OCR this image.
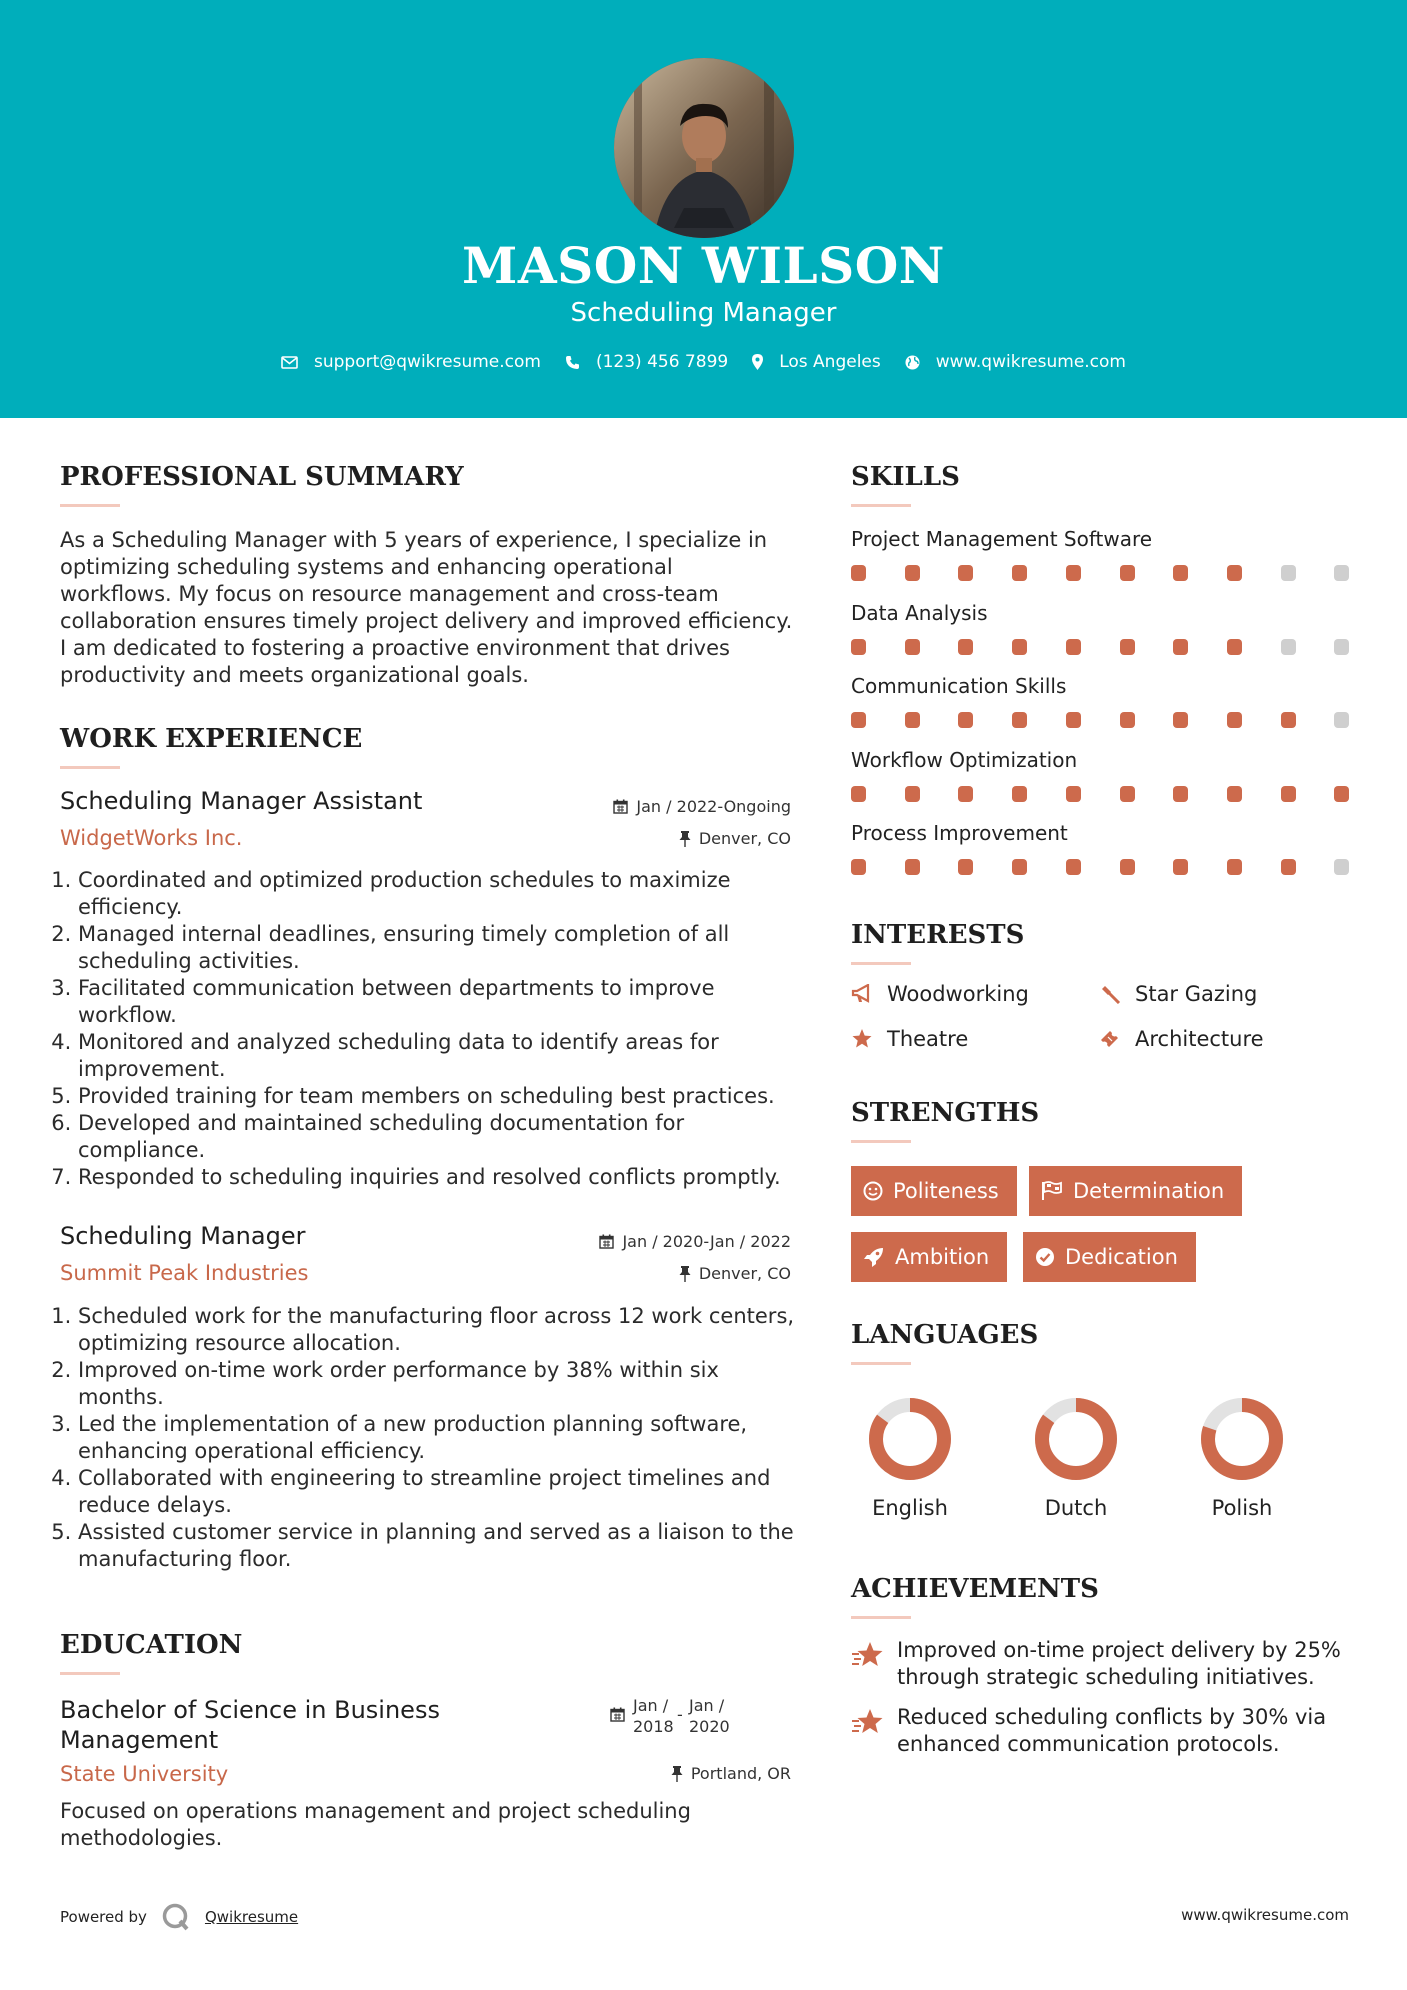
MASON WILSON
Scheduling Manager
support@qwikresume.com	(123) 456 7899	Los Angeles	www.qwikresume.com
PROFESSIONAL SUMMARY
As a Scheduling Manager with 5 years of experience, I specialize in
optimizing scheduling systems and enhancing operational
workflows. My focus on resource management and cross-team
collaboration ensures timely project delivery and improved efficiency.
I am dedicated to fostering a proactive environment that drives
productivity and meets organizational goals.
WORK EXPERIENCE
Scheduling Manager Assistant	Jan / 2022-Ongoing
WidgetWorks Inc.	Denver, CO
1. Coordinated and optimized production schedules to maximize efficiency.
2. Managed internal deadlines, ensuring timely completion of all scheduling activities.
3. Facilitated communication between departments to improve workflow.
4. Monitored and analyzed scheduling data to identify areas for improvement.
5. Provided training for team members on scheduling best practices.
6. Developed and maintained scheduling documentation for compliance.
7. Responded to scheduling inquiries and resolved conflicts promptly.
Scheduling Manager	Jan / 2020-Jan / 2022
Summit Peak Industries	Denver, CO
1. Scheduled work for the manufacturing floor across 12 work centers, optimizing resource allocation.
2. Improved on-time work order performance by 38% within six months.
3. Led the implementation of a new production planning software, enhancing operational efficiency.
4. Collaborated with engineering to streamline project timelines and reduce delays.
5. Assisted customer service in planning and served as a liaison to the manufacturing floor.
EDUCATION
Bachelor of Science in Business
Management
Jan /
2018
- Jan /
2020
State University	Portland, OR
Focused on operations management and project scheduling
methodologies.
SKILLS
Project Management Software
Data Analysis
Communication Skills
Workflow Optimization
Process Improvement
INTERESTS
Woodworking	Star Gazing
Theatre	Architecture
STRENGTHS
Politeness	Determination
Ambition	Dedication
LANGUAGES
English	Dutch	Polish
ACHIEVEMENTS
Improved on-time project delivery by 25%
through strategic scheduling initiatives.
Reduced scheduling conflicts by 30% via
enhanced communication protocols.
Powered by	Qwikresume	www.qwikresume.com
